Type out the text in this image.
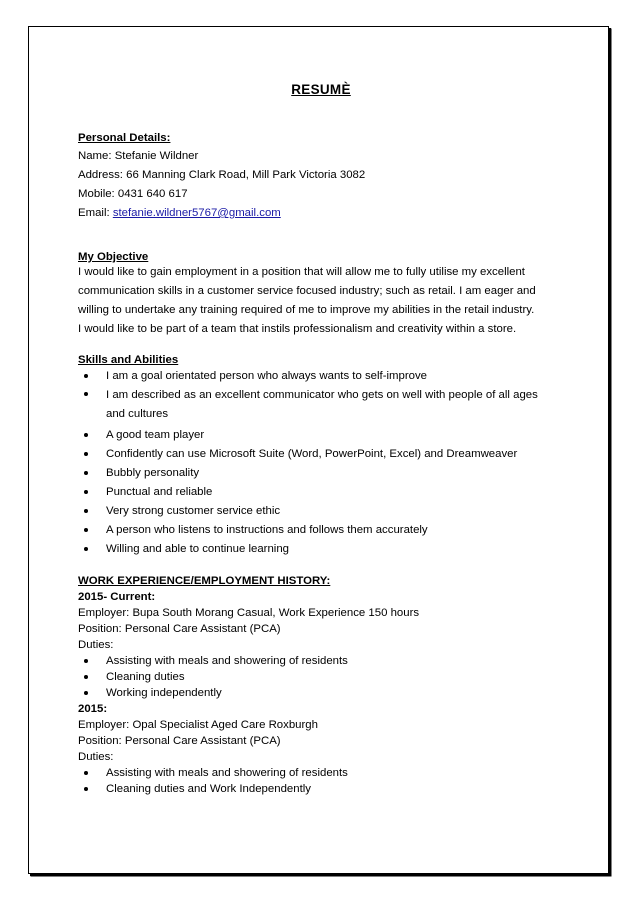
RESUMÈ
Personal Details:
Name: Stefanie Wildner
Address: 66 Manning Clark Road, Mill Park Victoria 3082
Mobile: 0431 640 617
Email: stefanie.wildner5767@gmail.com
My Objective
I would like to gain employment in a position that will allow me to fully utilise my excellent
communication skills in a customer service focused industry; such as retail. I am eager and
willing to undertake any training required of me to improve my abilities in the retail industry.
I would like to be part of a team that instils professionalism and creativity within a store.
Skills and Abilities
I am a goal orientated person who always wants to self-improve
I am described as an excellent communicator who gets on well with people of all ages and cultures
A good team player
Confidently can use Microsoft Suite (Word, PowerPoint, Excel) and Dreamweaver
Bubbly personality
Punctual and reliable
Very strong customer service ethic
A person who listens to instructions and follows them accurately
Willing and able to continue learning
WORK EXPERIENCE/EMPLOYMENT HISTORY:
2015- Current:
Employer: Bupa South Morang Casual, Work Experience 150 hours
Position: Personal Care Assistant (PCA)
Duties:
Assisting with meals and showering of residents
Cleaning duties
Working independently
2015:
Employer: Opal Specialist Aged Care Roxburgh
Position: Personal Care Assistant (PCA)
Duties:
Assisting with meals and showering of residents
Cleaning duties and Work Independently
